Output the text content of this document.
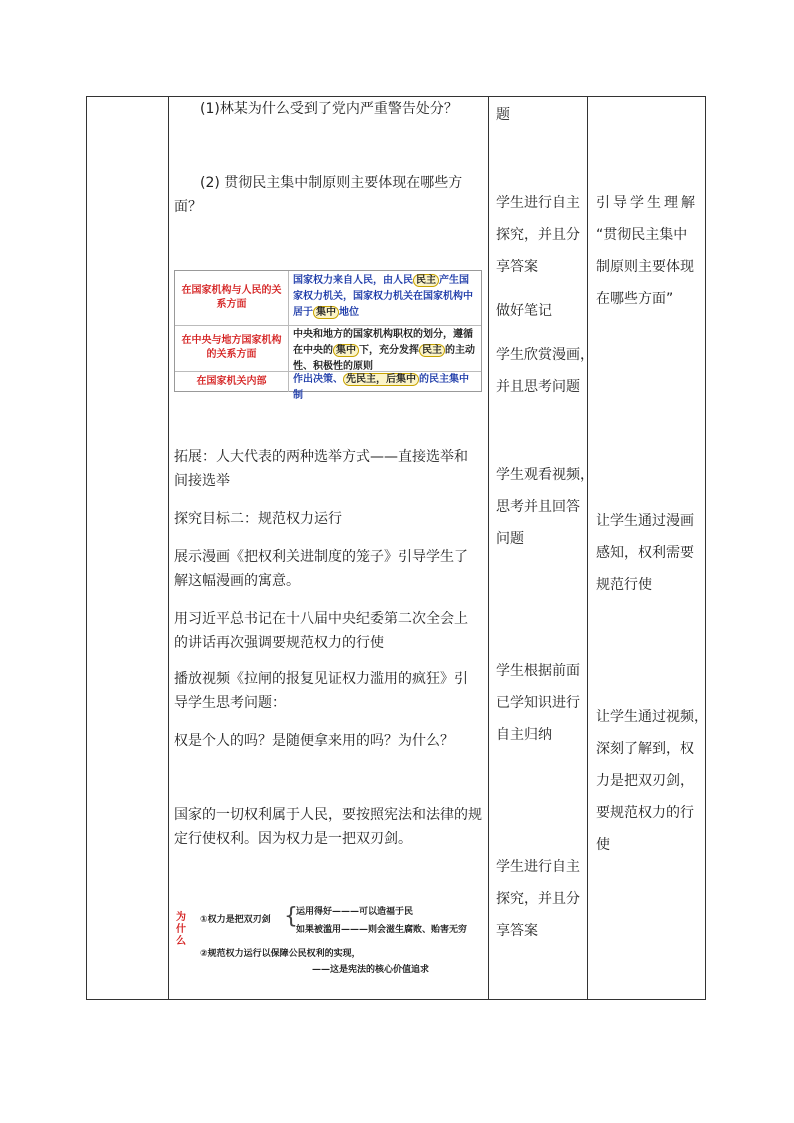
(1)林某为什么受到了党内严重警告处分？
(2) 贯彻民主集中制原则主要体现在哪些方
面？
在国家机构与人民的关系方面
国家权力来自人民，由人民 民主 产生国家权力机关，国家权力机关在国家机构中居于 集中 地位
在中央与地方国家机构的关系方面
中央和地方的国家机构职权的划分，遵循在中央的 集中 下，充分发挥 民主 的主动性、积极性的原则
在国家机关内部	作出决策、 先民主，后集中 的民主集中制
拓展：人大代表的两种选举方式——直接选举和
间接选举
探究目标二：规范权力运行
展示漫画《把权利关进制度的笼子》引导学生了
解这幅漫画的寓意。
用习近平总书记在十八届中央纪委第二次全会上
的讲话再次强调要规范权力的行使
播放视频《拉闸的报复见证权力滥用的疯狂》引
导学生思考问题：
权是个人的吗？是随便拿来用的吗？为什么？
国家的一切权利属于人民，要按照宪法和法律的规
定行使权利。因为权力是一把双刃剑。
为什么
①权力是把双刃剑 {
运用得好———可以造福于民
如果被滥用———则会滋生腐败、贻害无穷
②规范权力运行以保障公民权利的实现，
——这是宪法的核心价值追求
题
学生进行自主
探究，并且分
享答案
做好笔记
学生欣赏漫画，
并且思考问题
学生观看视频，
思考并且回答
问题
学生根据前面
已学知识进行
自主归纳
学生进行自主
探究，并且分
享答案
引导学生理解
“贯彻民主集中
制原则主要体现
在哪些方面”
让学生通过漫画
感知，权利需要
规范行使
让学生通过视频，
深刻了解到，权
力是把双刃剑，
要规范权力的行
使
